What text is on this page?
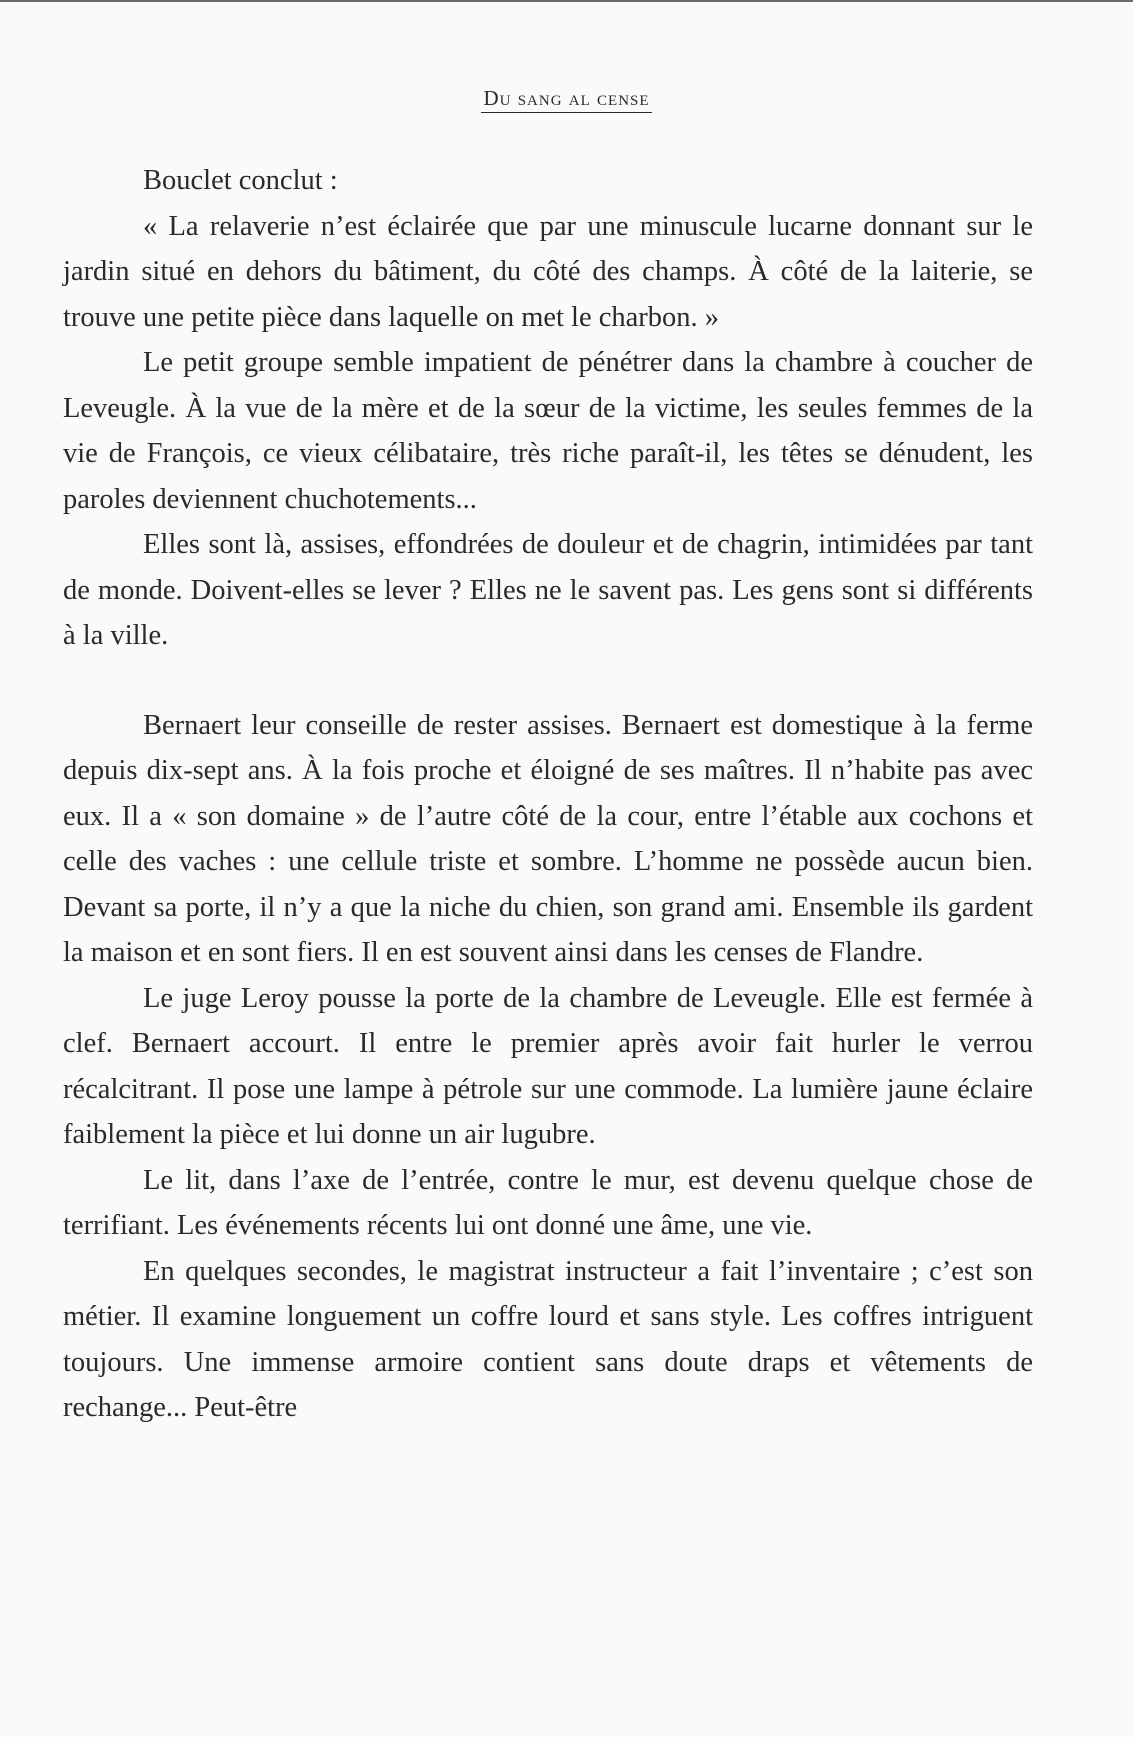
Du sang al cense

Bouclet conclut :

« La relaverie n’est éclairée que par une minuscule lucarne donnant sur le jardin situé en dehors du bâtiment, du côté des champs. À côté de la laiterie, se trouve une petite pièce dans laquelle on met le charbon. »

Le petit groupe semble impatient de pénétrer dans la chambre à coucher de Leveugle. À la vue de la mère et de la sœur de la victime, les seules femmes de la vie de François, ce vieux célibataire, très riche paraît-il, les têtes se dénudent, les paroles deviennent chuchotements...

Elles sont là, assises, effondrées de douleur et de chagrin, intimidées par tant de monde. Doivent-elles se lever ? Elles ne le savent pas. Les gens sont si différents à la ville.

Bernaert leur conseille de rester assises. Bernaert est domestique à la ferme depuis dix-sept ans. À la fois proche et éloigné de ses maîtres. Il n’habite pas avec eux. Il a « son domaine » de l’autre côté de la cour, entre l’étable aux cochons et celle des vaches : une cellule triste et sombre. L’homme ne possède aucun bien. Devant sa porte, il n’y a que la niche du chien, son grand ami. Ensemble ils gardent la maison et en sont fiers. Il en est souvent ainsi dans les censes de Flandre.

Le juge Leroy pousse la porte de la chambre de Leveugle. Elle est fermée à clef. Bernaert accourt. Il entre le premier après avoir fait hurler le verrou récalcitrant. Il pose une lampe à pétrole sur une commode. La lumière jaune éclaire faiblement la pièce et lui donne un air lugubre.

Le lit, dans l’axe de l’entrée, contre le mur, est devenu quelque chose de terrifiant. Les événements récents lui ont donné une âme, une vie.

En quelques secondes, le magistrat instructeur a fait l’inventaire ; c’est son métier. Il examine longuement un coffre lourd et sans style. Les coffres intriguent toujours. Une immense armoire contient sans doute draps et vêtements de rechange... Peut-être
